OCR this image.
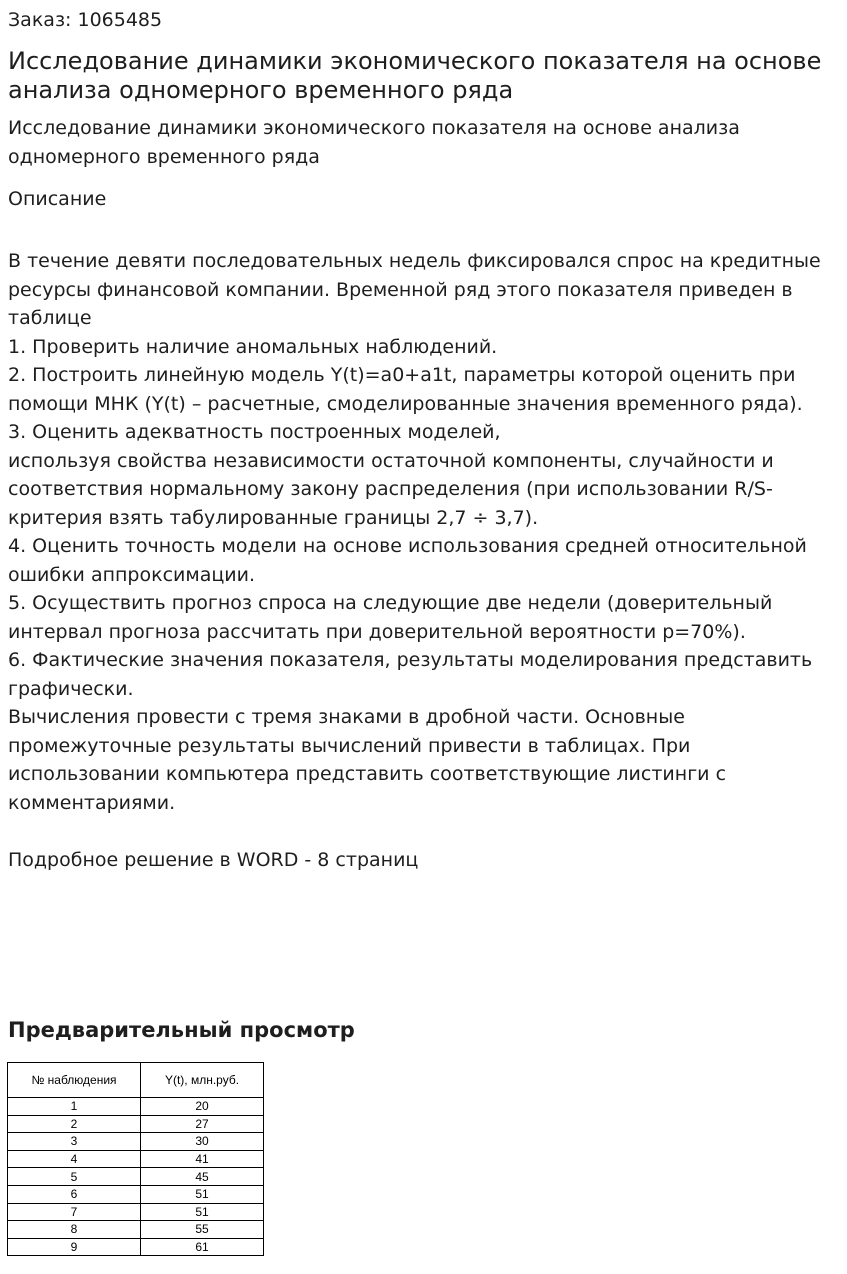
Заказ: 1065485
Исследование динамики экономического показателя на основе анализа одномерного временного ряда
Исследование динамики экономического показателя на основе анализа одномерного временного ряда
Описание
В течение девяти последовательных недель фиксировался спрос на кредитные
ресурсы финансовой компании. Временной ряд этого показателя приведен в
таблице
1. Проверить наличие аномальных наблюдений.
2. Построить линейную модель Y(t)=a0+a1t, параметры которой оценить при
помощи МНК (Y(t) – расчетные, смоделированные значения временного ряда).
3. Оценить адекватность построенных моделей,
используя свойства независимости остаточной компоненты, случайности и
соответствия нормальному закону распределения (при использовании R/S-
критерия взять табулированные границы 2,7 ÷ 3,7).
4. Оценить точность модели на основе использования средней относительной
ошибки аппроксимации.
5. Осуществить прогноз спроса на следующие две недели (доверительный
интервал прогноза рассчитать при доверительной вероятности p=70%).
6. Фактические значения показателя, результаты моделирования представить
графически.
Вычисления провести с тремя знаками в дробной части. Основные
промежуточные результаты вычислений привести в таблицах. При
использовании компьютера представить соответствующие листинги с
комментариями.
Подробное решение в WORD - 8 страниц
Предварительный просмотр
№ наблюдения	Y(t), млн.руб.
1	20
2	27
3	30
4	41
5	45
6	51
7	51
8	55
9	61
